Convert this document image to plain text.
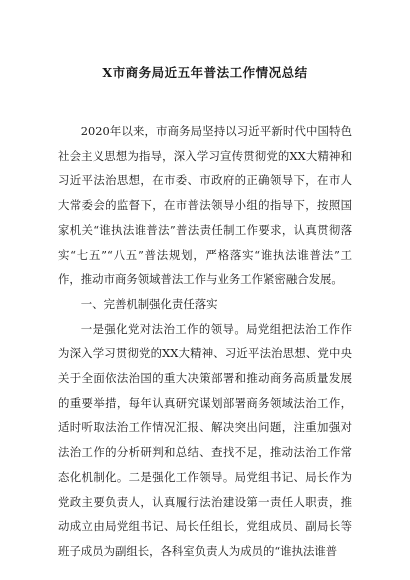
X市商务局近五年普法工作情况总结

2020年以来，市商务局坚持以习近平新时代中国特色社会主义思想为指导，深入学习宣传贯彻党的XX大精神和习近平法治思想，在市委、市政府的正确领导下，在市人大常委会的监督下，在市普法领导小组的指导下，按照国家机关“谁执法谁普法”普法责任制工作要求，认真贯彻落实“七五”“八五”普法规划，严格落实“谁执法谁普法”工作，推动市商务领域普法工作与业务工作紧密融合发展。

一、完善机制强化责任落实

一是强化党对法治工作的领导。局党组把法治工作作为深入学习贯彻党的XX大精神、习近平法治思想、党中央关于全面依法治国的重大决策部署和推动商务高质量发展的重要举措，每年认真研究谋划部署商务领域法治工作，适时听取法治工作情况汇报、解决突出问题，注重加强对法治工作的分析研判和总结、查找不足，推动法治工作常态化机制化。二是强化工作领导。局党组书记、局长作为党政主要负责人，认真履行法治建设第一责任人职责，推动成立由局党组书记、局长任组长，党组成员、副局长等班子成员为副组长，各科室负责人为成员的“谁执法谁普
